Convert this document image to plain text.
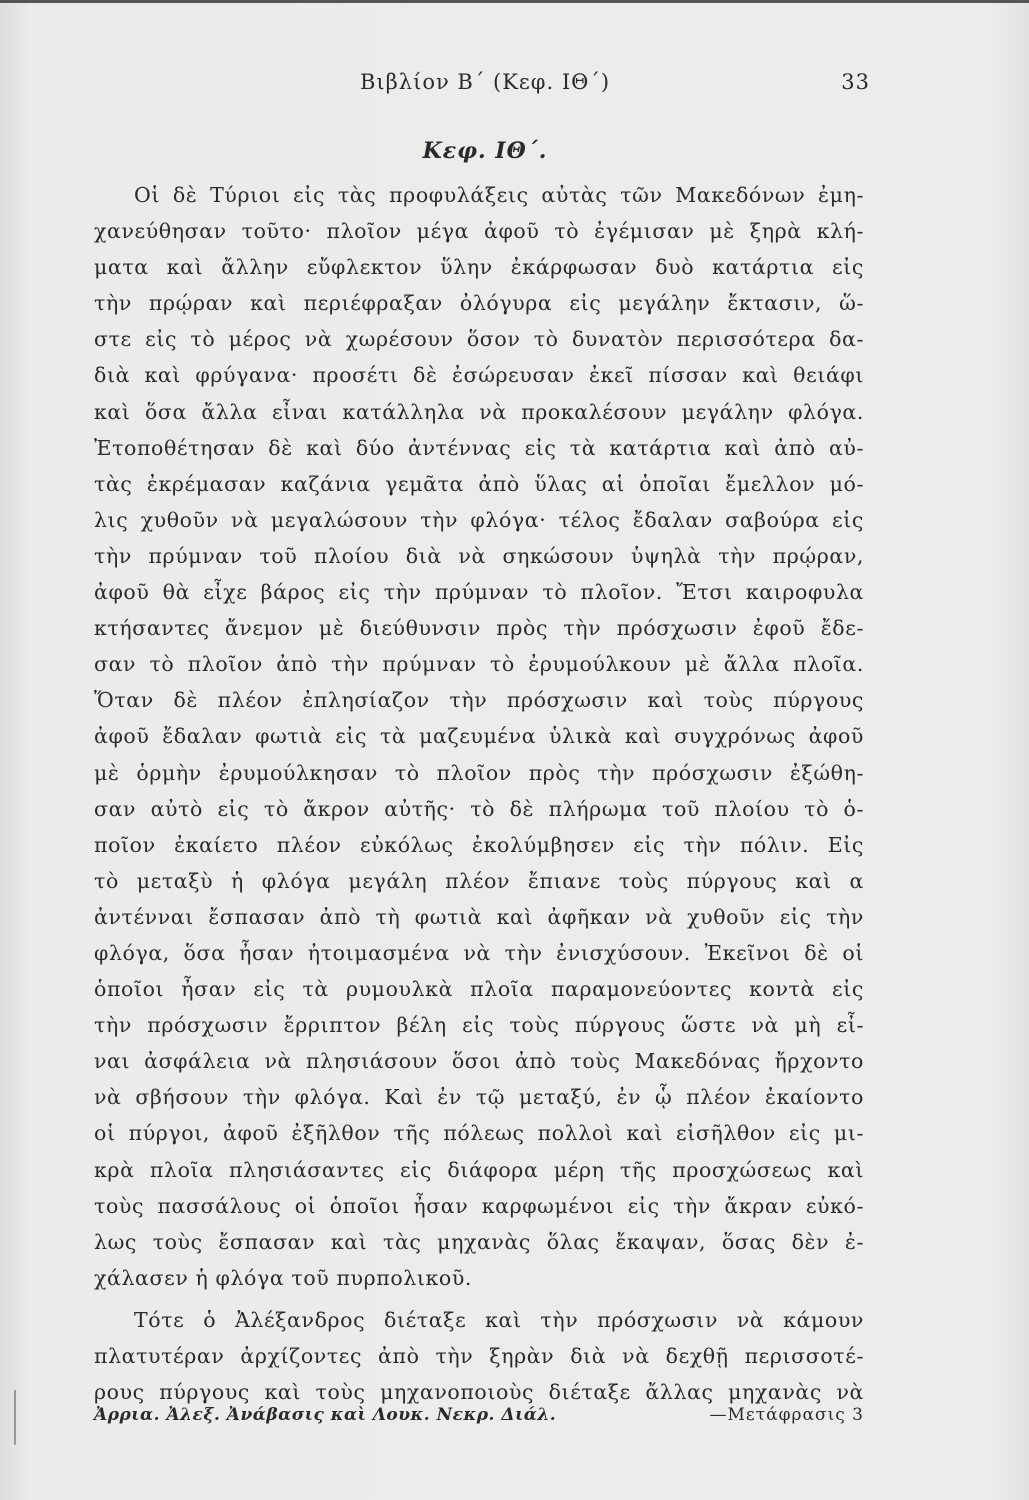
Βιβλίον Β΄ (Κεφ. ΙΘ΄)	33
Κεφ. ΙΘ΄.
Οἱ δὲ Τύριοι εἰς τὰς προφυλάξεις αὐτὰς τῶν Μακεδόνων ἐμη-
χανεύθησαν τοῦτο· πλοῖον μέγα ἀφοῦ τὸ ἐγέμισαν μὲ ξηρὰ κλή-
ματα καὶ ἄλλην εὔφλεκτον ὕλην ἐκάρφωσαν δυὸ κατάρτια εἰς
τὴν πρῴραν καὶ περιέφραξαν ὀλόγυρα εἰς μεγάλην ἔκτασιν, ὥ-
στε εἰς τὸ μέρος νὰ χωρέσουν ὅσον τὸ δυνατὸν περισσότερα δα-
διὰ καὶ φρύγανα· προσέτι δὲ ἐσώρευσαν ἐκεῖ πίσσαν καὶ θειάφι
καὶ ὅσα ἄλλα εἶναι κατάλληλα νὰ προκαλέσουν μεγάλην φλόγα.
Ἐτοποθέτησαν δὲ καὶ δύο ἀντέννας εἰς τὰ κατάρτια καὶ ἀπὸ αὐ-
τὰς ἐκρέμασαν καζάνια γεμᾶτα ἀπὸ ὕλας αἱ ὁποῖαι ἔμελλον μό-
λις χυθοῦν νὰ μεγαλώσουν τὴν φλόγα· τέλος ἔδαλαν σαβούρα εἰς
τὴν πρύμναν τοῦ πλοίου διὰ νὰ σηκώσουν ὑψηλὰ τὴν πρῴραν,
ἀφοῦ θὰ εἶχε βάρος εἰς τὴν πρύμναν τὸ πλοῖον. Ἔτσι καιροφυλα
κτήσαντες ἄνεμον μὲ διεύθυνσιν πρὸς τὴν πρόσχωσιν ἐφοῦ ἔδε-
σαν τὸ πλοῖον ἀπὸ τὴν πρύμναν τὸ ἐρυμούλκουν μὲ ἄλλα πλοῖα.
Ὅταν δὲ πλέον ἐπλησίαζον τὴν πρόσχωσιν καὶ τοὺς πύργους
ἀφοῦ ἔδαλαν φωτιὰ εἰς τὰ μαζευμένα ὑλικὰ καὶ συγχρόνως ἀφοῦ
μὲ ὁρμὴν ἐρυμούλκησαν τὸ πλοῖον πρὸς τὴν πρόσχωσιν ἐξώθη-
σαν αὐτὸ εἰς τὸ ἄκρον αὐτῆς· τὸ δὲ πλήρωμα τοῦ πλοίου τὸ ὁ-
ποῖον ἐκαίετο πλέον εὐκόλως ἐκολύμβησεν εἰς τὴν πόλιν. Εἰς
τὸ μεταξὺ ἡ φλόγα μεγάλη πλέον ἔπιανε τοὺς πύργους καὶ α
ἀντένναι ἔσπασαν ἀπὸ τὴ φωτιὰ καὶ ἀφῆκαν νὰ χυθοῦν εἰς τὴν
φλόγα, ὅσα ἦσαν ἠτοιμασμένα νὰ τὴν ἐνισχύσουν. Ἐκεῖνοι δὲ οἱ
ὁποῖοι ἦσαν εἰς τὰ ρυμουλκὰ πλοῖα παραμονεύοντες κοντὰ εἰς
τὴν πρόσχωσιν ἔρριπτον βέλη εἰς τοὺς πύργους ὥστε νὰ μὴ εἶ-
ναι ἀσφάλεια νὰ πλησιάσουν ὅσοι ἀπὸ τοὺς Μακεδόνας ἤρχοντο
νὰ σβήσουν τὴν φλόγα. Καὶ ἐν τῷ μεταξύ, ἐν ᾧ πλέον ἐκαίοντο
οἱ πύργοι, ἀφοῦ ἐξῆλθον τῆς πόλεως πολλοὶ καὶ εἰσῆλθον εἰς μι-
κρὰ πλοῖα πλησιάσαντες εἰς διάφορα μέρη τῆς προσχώσεως καὶ
τοὺς πασσάλους οἱ ὁποῖοι ἦσαν καρφωμένοι εἰς τὴν ἄκραν εὐκό-
λως τοὺς ἔσπασαν καὶ τὰς μηχανὰς ὅλας ἔκαψαν, ὅσας δὲν ἐ-
χάλασεν ἡ φλόγα τοῦ πυρπολικοῦ.
Τότε ὁ Ἀλέξανδρος διέταξε καὶ τὴν πρόσχωσιν νὰ κάμουν
πλατυτέραν ἀρχίζοντες ἀπὸ τὴν ξηρὰν διὰ νὰ δεχθῇ περισσοτέ-
ρους πύργους καὶ τοὺς μηχανοποιοὺς διέταξε ἄλλας μηχανὰς νὰ
Ἀρρια. Ἀλεξ. Ἀνάβασις καὶ Λουκ. Νεκρ. Διάλ.	—Μετάφρασις 3
